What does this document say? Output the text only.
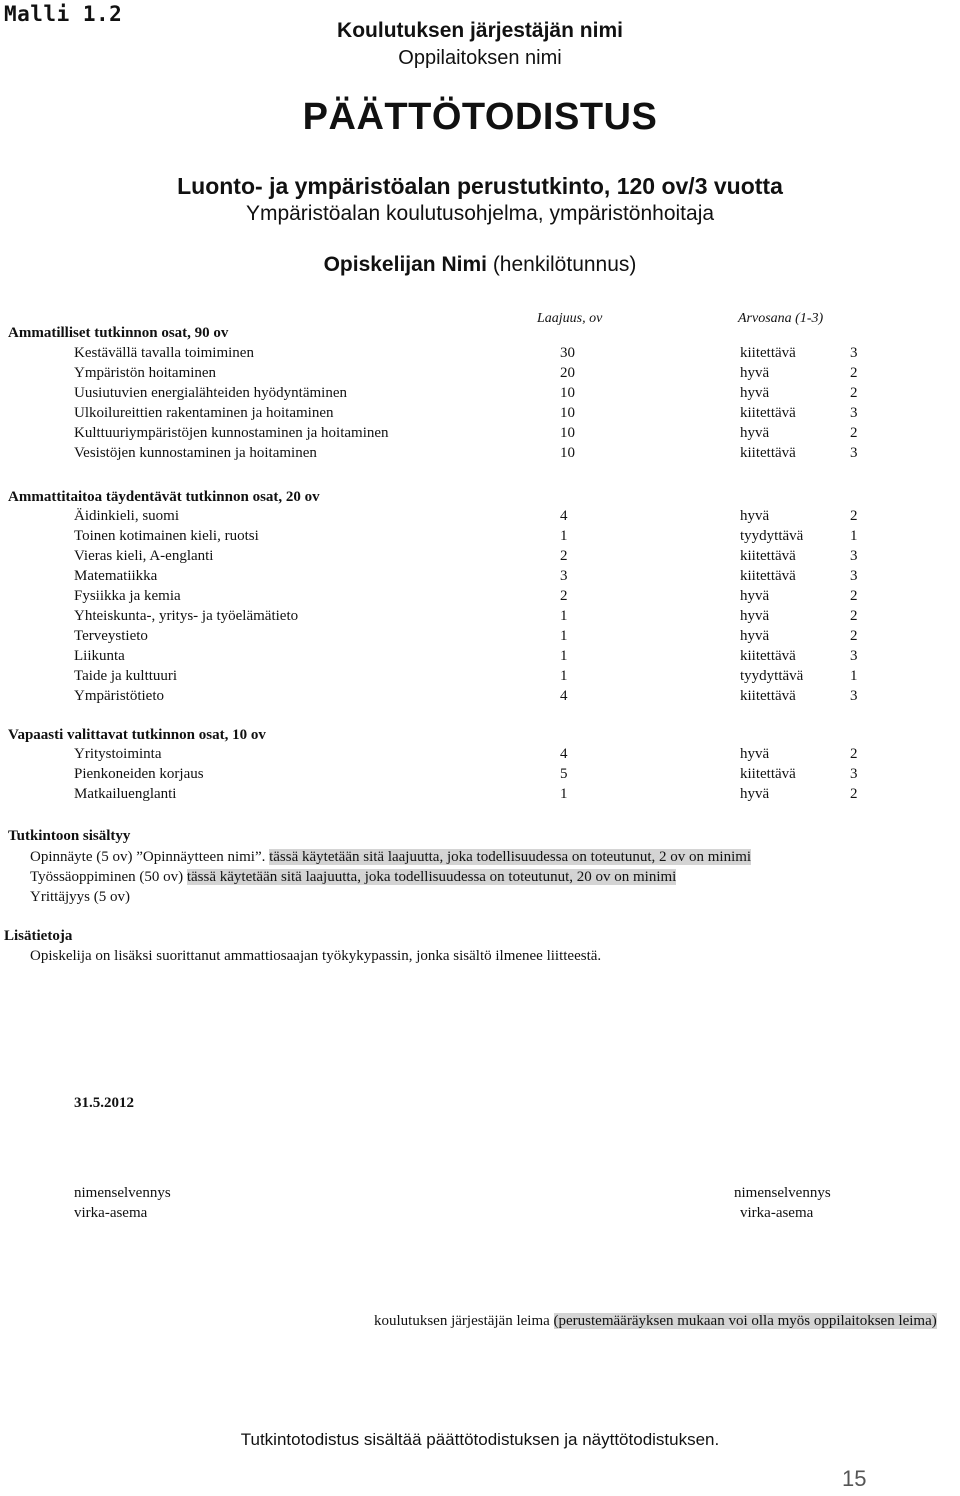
Malli 1.2
Koulutuksen järjestäjän nimi
Oppilaitoksen nimi
PÄÄTTÖTODISTUS
Luonto- ja ympäristöalan perustutkinto, 120 ov/3 vuotta
Ympäristöalan koulutusohjelma, ympäristönhoitaja
Opiskelijan Nimi (henkilötunnus)
Laajuus, ov	Arvosana (1-3)
Ammatilliset tutkinnon osat, 90 ov
Kestävällä tavalla toimiminen	30	kiitettävä	3
Ympäristön hoitaminen	20	hyvä	2
Uusiutuvien energialähteiden hyödyntäminen	10	hyvä	2
Ulkoilureittien rakentaminen ja hoitaminen	10	kiitettävä	3
Kulttuuriympäristöjen kunnostaminen ja hoitaminen	10	hyvä	2
Vesistöjen kunnostaminen ja hoitaminen	10	kiitettävä	3
Ammattitaitoa täydentävät tutkinnon osat, 20 ov
Äidinkieli, suomi	4	hyvä	2
Toinen kotimainen kieli, ruotsi	1	tyydyttävä	1
Vieras kieli, A-englanti	2	kiitettävä	3
Matematiikka	3	kiitettävä	3
Fysiikka ja kemia	2	hyvä	2
Yhteiskunta-, yritys- ja työelämätieto	1	hyvä	2
Terveystieto	1	hyvä	2
Liikunta	1	kiitettävä	3
Taide ja kulttuuri	1	tyydyttävä	1
Ympäristötieto	4	kiitettävä	3
Vapaasti valittavat tutkinnon osat, 10 ov
Yritystoiminta	4	hyvä	2
Pienkoneiden korjaus	5	kiitettävä	3
Matkailuenglanti	1	hyvä	2
Tutkintoon sisältyy
Opinnäyte (5 ov) ”Opinnäytteen nimi”. tässä käytetään sitä laajuutta, joka todellisuudessa on toteutunut, 2 ov on minimi
Työssäoppiminen (50 ov) tässä käytetään sitä laajuutta, joka todellisuudessa on toteutunut, 20 ov on minimi
Yrittäjyys (5 ov)
Lisätietoja
Opiskelija on lisäksi suorittanut ammattiosaajan työkykypassin, jonka sisältö ilmenee liitteestä.
31.5.2012
nimenselvennys
virka-asema
nimenselvennys
virka-asema
koulutuksen järjestäjän leima (perustemääräyksen mukaan voi olla myös oppilaitoksen leima)
Tutkintotodistus sisältää päättötodistuksen ja näyttötodistuksen.
15
